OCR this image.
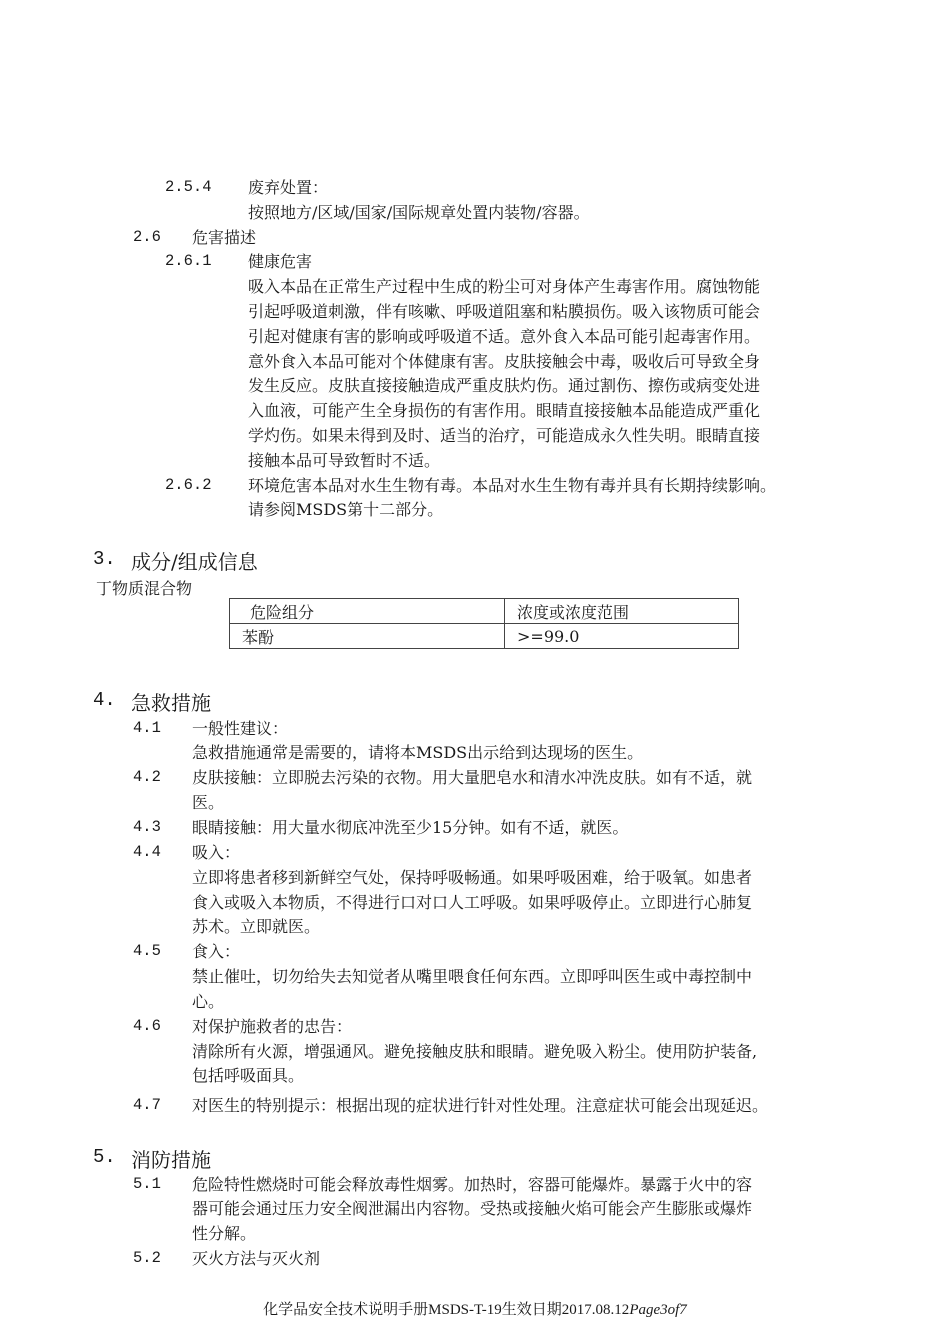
2.5.4 废弃处置：
按照地方/区域/国家/国际规章处置内装物/容器。
2.6 危害描述
2.6.1 健康危害
吸入本品在正常生产过程中生成的粉尘可对身体产生毒害作用。腐蚀物能
引起呼吸道刺激，伴有咳嗽、呼吸道阻塞和粘膜损伤。吸入该物质可能会
引起对健康有害的影响或呼吸道不适。意外食入本品可能引起毒害作用。
意外食入本品可能对个体健康有害。皮肤接触会中毒，吸收后可导致全身
发生反应。皮肤直接接触造成严重皮肤灼伤。通过割伤、擦伤或病变处进
入血液，可能产生全身损伤的有害作用。眼睛直接接触本品能造成严重化
学灼伤。如果未得到及时、适当的治疗，可能造成永久性失明。眼睛直接
接触本品可导致暂时不适。
2.6.2 环境危害本品对水生生物有毒。本品对水生生物有毒并具有长期持续影响。
请参阅MSDS第十二部分。
3. 成分/组成信息
丁物质混合物
危险组分	浓度或浓度范围
苯酚	>=99.0
4. 急救措施
4.1 一般性建议：
急救措施通常是需要的，请将本MSDS出示给到达现场的医生。
4.2 皮肤接触：立即脱去污染的衣物。用大量肥皂水和清水冲洗皮肤。如有不适，就
医。
4.3 眼睛接触：用大量水彻底冲洗至少15分钟。如有不适，就医。
4.4 吸入：
立即将患者移到新鲜空气处，保持呼吸畅通。如果呼吸困难，给于吸氧。如患者
食入或吸入本物质，不得进行口对口人工呼吸。如果呼吸停止。立即进行心肺复
苏术。立即就医。
4.5 食入：
禁止催吐，切勿给失去知觉者从嘴里喂食任何东西。立即呼叫医生或中毒控制中
心。
4.6 对保护施救者的忠告：
清除所有火源，增强通风。避免接触皮肤和眼睛。避免吸入粉尘。使用防护装备,
包括呼吸面具。
4.7 对医生的特别提示：根据出现的症状进行针对性处理。注意症状可能会出现延迟。
5. 消防措施
5.1 危险特性燃烧时可能会释放毒性烟雾。加热时，容器可能爆炸。暴露于火中的容
器可能会通过压力安全阀泄漏出内容物。受热或接触火焰可能会产生膨胀或爆炸
性分解。
5.2 灭火方法与灭火剂
化学品安全技术说明手册MSDS-T-19生效日期2017.08.12Page3of7
